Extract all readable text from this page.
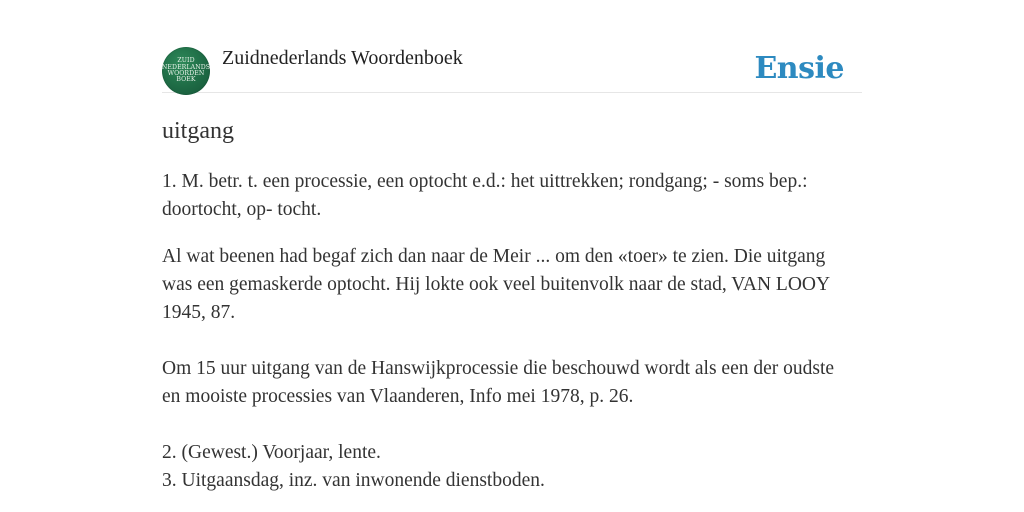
ZUID
NEDERLANDS
WOORDEN
BOEK
Zuidnederlands Woordenboek	Ensie
uitgang
1. M. betr. t. een processie, een optocht e.d.: het uittrekken; rondgang; - soms bep.: doortocht, op- tocht.
Al wat beenen had begaf zich dan naar de Meir ... om den «toer» te zien. Die uitgang was een gemaskerde optocht. Hij lokte ook veel buitenvolk naar de stad, VAN LOOY 1945, 87.
Om 15 uur uitgang van de Hanswijkprocessie die beschouwd wordt als een der oudste en mooiste processies van Vlaanderen, Info mei 1978, p. 26.
2. (Gewest.) Voorjaar, lente.
3. Uitgaansdag, inz. van inwonende dienstboden.
